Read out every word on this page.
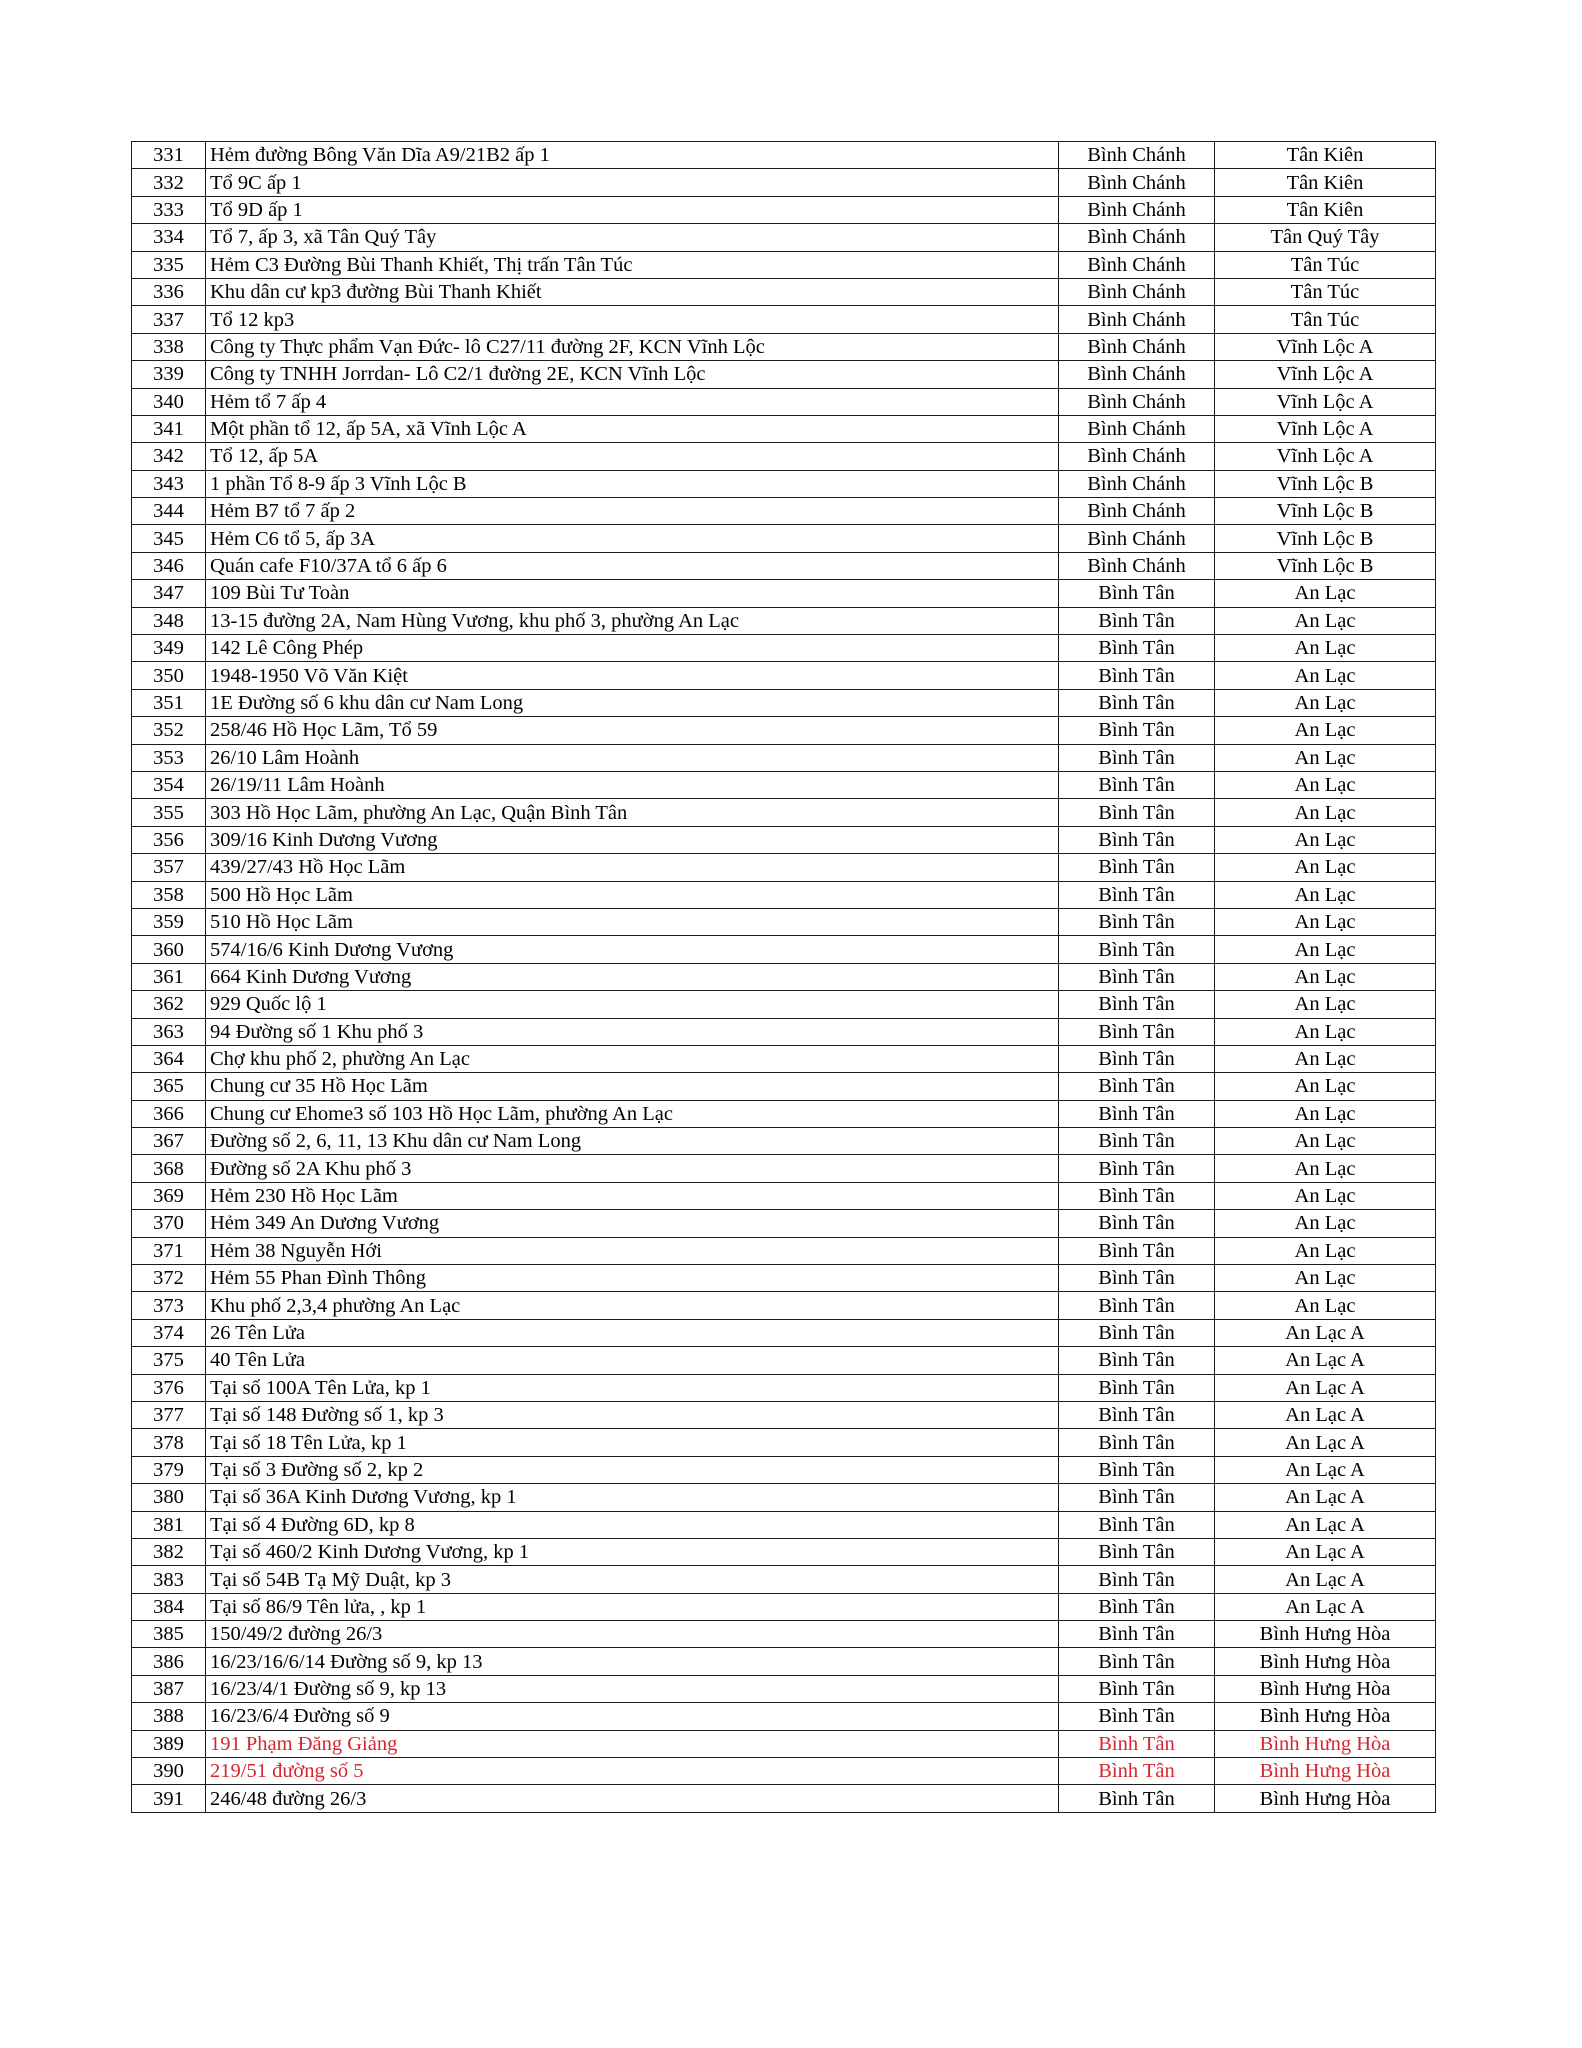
331	Hẻm đường Bông Văn Dĩa A9/21B2 ấp 1	Bình Chánh	Tân Kiên
332	Tổ 9C ấp 1	Bình Chánh	Tân Kiên
333	Tổ 9D ấp 1	Bình Chánh	Tân Kiên
334	Tổ 7, ấp 3, xã Tân Quý Tây	Bình Chánh	Tân Quý Tây
335	Hẻm C3 Đường Bùi Thanh Khiết, Thị trấn Tân Túc	Bình Chánh	Tân Túc
336	Khu dân cư kp3 đường Bùi Thanh Khiết	Bình Chánh	Tân Túc
337	Tổ 12 kp3	Bình Chánh	Tân Túc
338	Công ty Thực phẩm Vạn Đức- lô C27/11 đường 2F, KCN Vĩnh Lộc	Bình Chánh	Vĩnh Lộc A
339	Công ty TNHH Jorrdan- Lô C2/1 đường 2E, KCN Vĩnh Lộc	Bình Chánh	Vĩnh Lộc A
340	Hẻm tổ 7 ấp 4	Bình Chánh	Vĩnh Lộc A
341	Một phần tổ 12, ấp 5A, xã Vĩnh Lộc A	Bình Chánh	Vĩnh Lộc A
342	Tổ 12, ấp 5A	Bình Chánh	Vĩnh Lộc A
343	1 phần Tổ 8-9 ấp 3 Vĩnh Lộc B	Bình Chánh	Vĩnh Lộc B
344	Hẻm B7 tổ 7 ấp 2	Bình Chánh	Vĩnh Lộc B
345	Hẻm C6 tổ 5, ấp 3A	Bình Chánh	Vĩnh Lộc B
346	Quán cafe F10/37A tổ 6 ấp 6	Bình Chánh	Vĩnh Lộc B
347	109 Bùi Tư Toàn	Bình Tân	An Lạc
348	13-15 đường 2A, Nam Hùng Vương, khu phố 3, phường An Lạc	Bình Tân	An Lạc
349	142 Lê Công Phép	Bình Tân	An Lạc
350	1948-1950 Võ Văn Kiệt	Bình Tân	An Lạc
351	1E Đường số 6 khu dân cư Nam Long	Bình Tân	An Lạc
352	258/46 Hồ Học Lãm, Tổ 59	Bình Tân	An Lạc
353	26/10 Lâm Hoành	Bình Tân	An Lạc
354	26/19/11 Lâm Hoành	Bình Tân	An Lạc
355	303 Hồ Học Lãm, phường An Lạc, Quận Bình Tân	Bình Tân	An Lạc
356	309/16 Kinh Dương Vương	Bình Tân	An Lạc
357	439/27/43 Hồ Học Lãm	Bình Tân	An Lạc
358	500 Hồ Học Lãm	Bình Tân	An Lạc
359	510 Hồ Học Lãm	Bình Tân	An Lạc
360	574/16/6 Kinh Dương Vương	Bình Tân	An Lạc
361	664 Kinh Dương Vương	Bình Tân	An Lạc
362	929 Quốc lộ 1	Bình Tân	An Lạc
363	94 Đường số 1 Khu phố 3	Bình Tân	An Lạc
364	Chợ khu phố 2, phường An Lạc	Bình Tân	An Lạc
365	Chung cư 35 Hồ Học Lãm	Bình Tân	An Lạc
366	Chung cư Ehome3 số 103 Hồ Học Lãm, phường An Lạc	Bình Tân	An Lạc
367	Đường số 2, 6, 11, 13 Khu dân cư Nam Long	Bình Tân	An Lạc
368	Đường số 2A Khu phố 3	Bình Tân	An Lạc
369	Hẻm 230 Hồ Học Lãm	Bình Tân	An Lạc
370	Hẻm 349 An Dương Vương	Bình Tân	An Lạc
371	Hẻm 38 Nguyễn Hới	Bình Tân	An Lạc
372	Hẻm 55 Phan Đình Thông	Bình Tân	An Lạc
373	Khu phố 2,3,4 phường An Lạc	Bình Tân	An Lạc
374	26 Tên Lửa	Bình Tân	An Lạc A
375	40 Tên Lửa	Bình Tân	An Lạc A
376	Tại số 100A Tên Lửa, kp 1	Bình Tân	An Lạc A
377	Tại số 148 Đường số 1, kp 3	Bình Tân	An Lạc A
378	Tại số 18 Tên Lửa, kp 1	Bình Tân	An Lạc A
379	Tại số 3 Đường số 2, kp 2	Bình Tân	An Lạc A
380	Tại số 36A Kinh Dương Vương, kp 1	Bình Tân	An Lạc A
381	Tại số 4 Đường 6D, kp 8	Bình Tân	An Lạc A
382	Tại số 460/2 Kinh Dương Vương, kp 1	Bình Tân	An Lạc A
383	Tại số 54B Tạ Mỹ Duật, kp 3	Bình Tân	An Lạc A
384	Tại số 86/9 Tên lửa, , kp 1	Bình Tân	An Lạc A
385	150/49/2 đường 26/3	Bình Tân	Bình Hưng Hòa
386	16/23/16/6/14 Đường số 9, kp 13	Bình Tân	Bình Hưng Hòa
387	16/23/4/1 Đường số 9, kp 13	Bình Tân	Bình Hưng Hòa
388	16/23/6/4 Đường số 9	Bình Tân	Bình Hưng Hòa
389	191 Phạm Đăng Giảng	Bình Tân	Bình Hưng Hòa
390	219/51 đường số 5	Bình Tân	Bình Hưng Hòa
391	246/48 đường 26/3	Bình Tân	Bình Hưng Hòa
